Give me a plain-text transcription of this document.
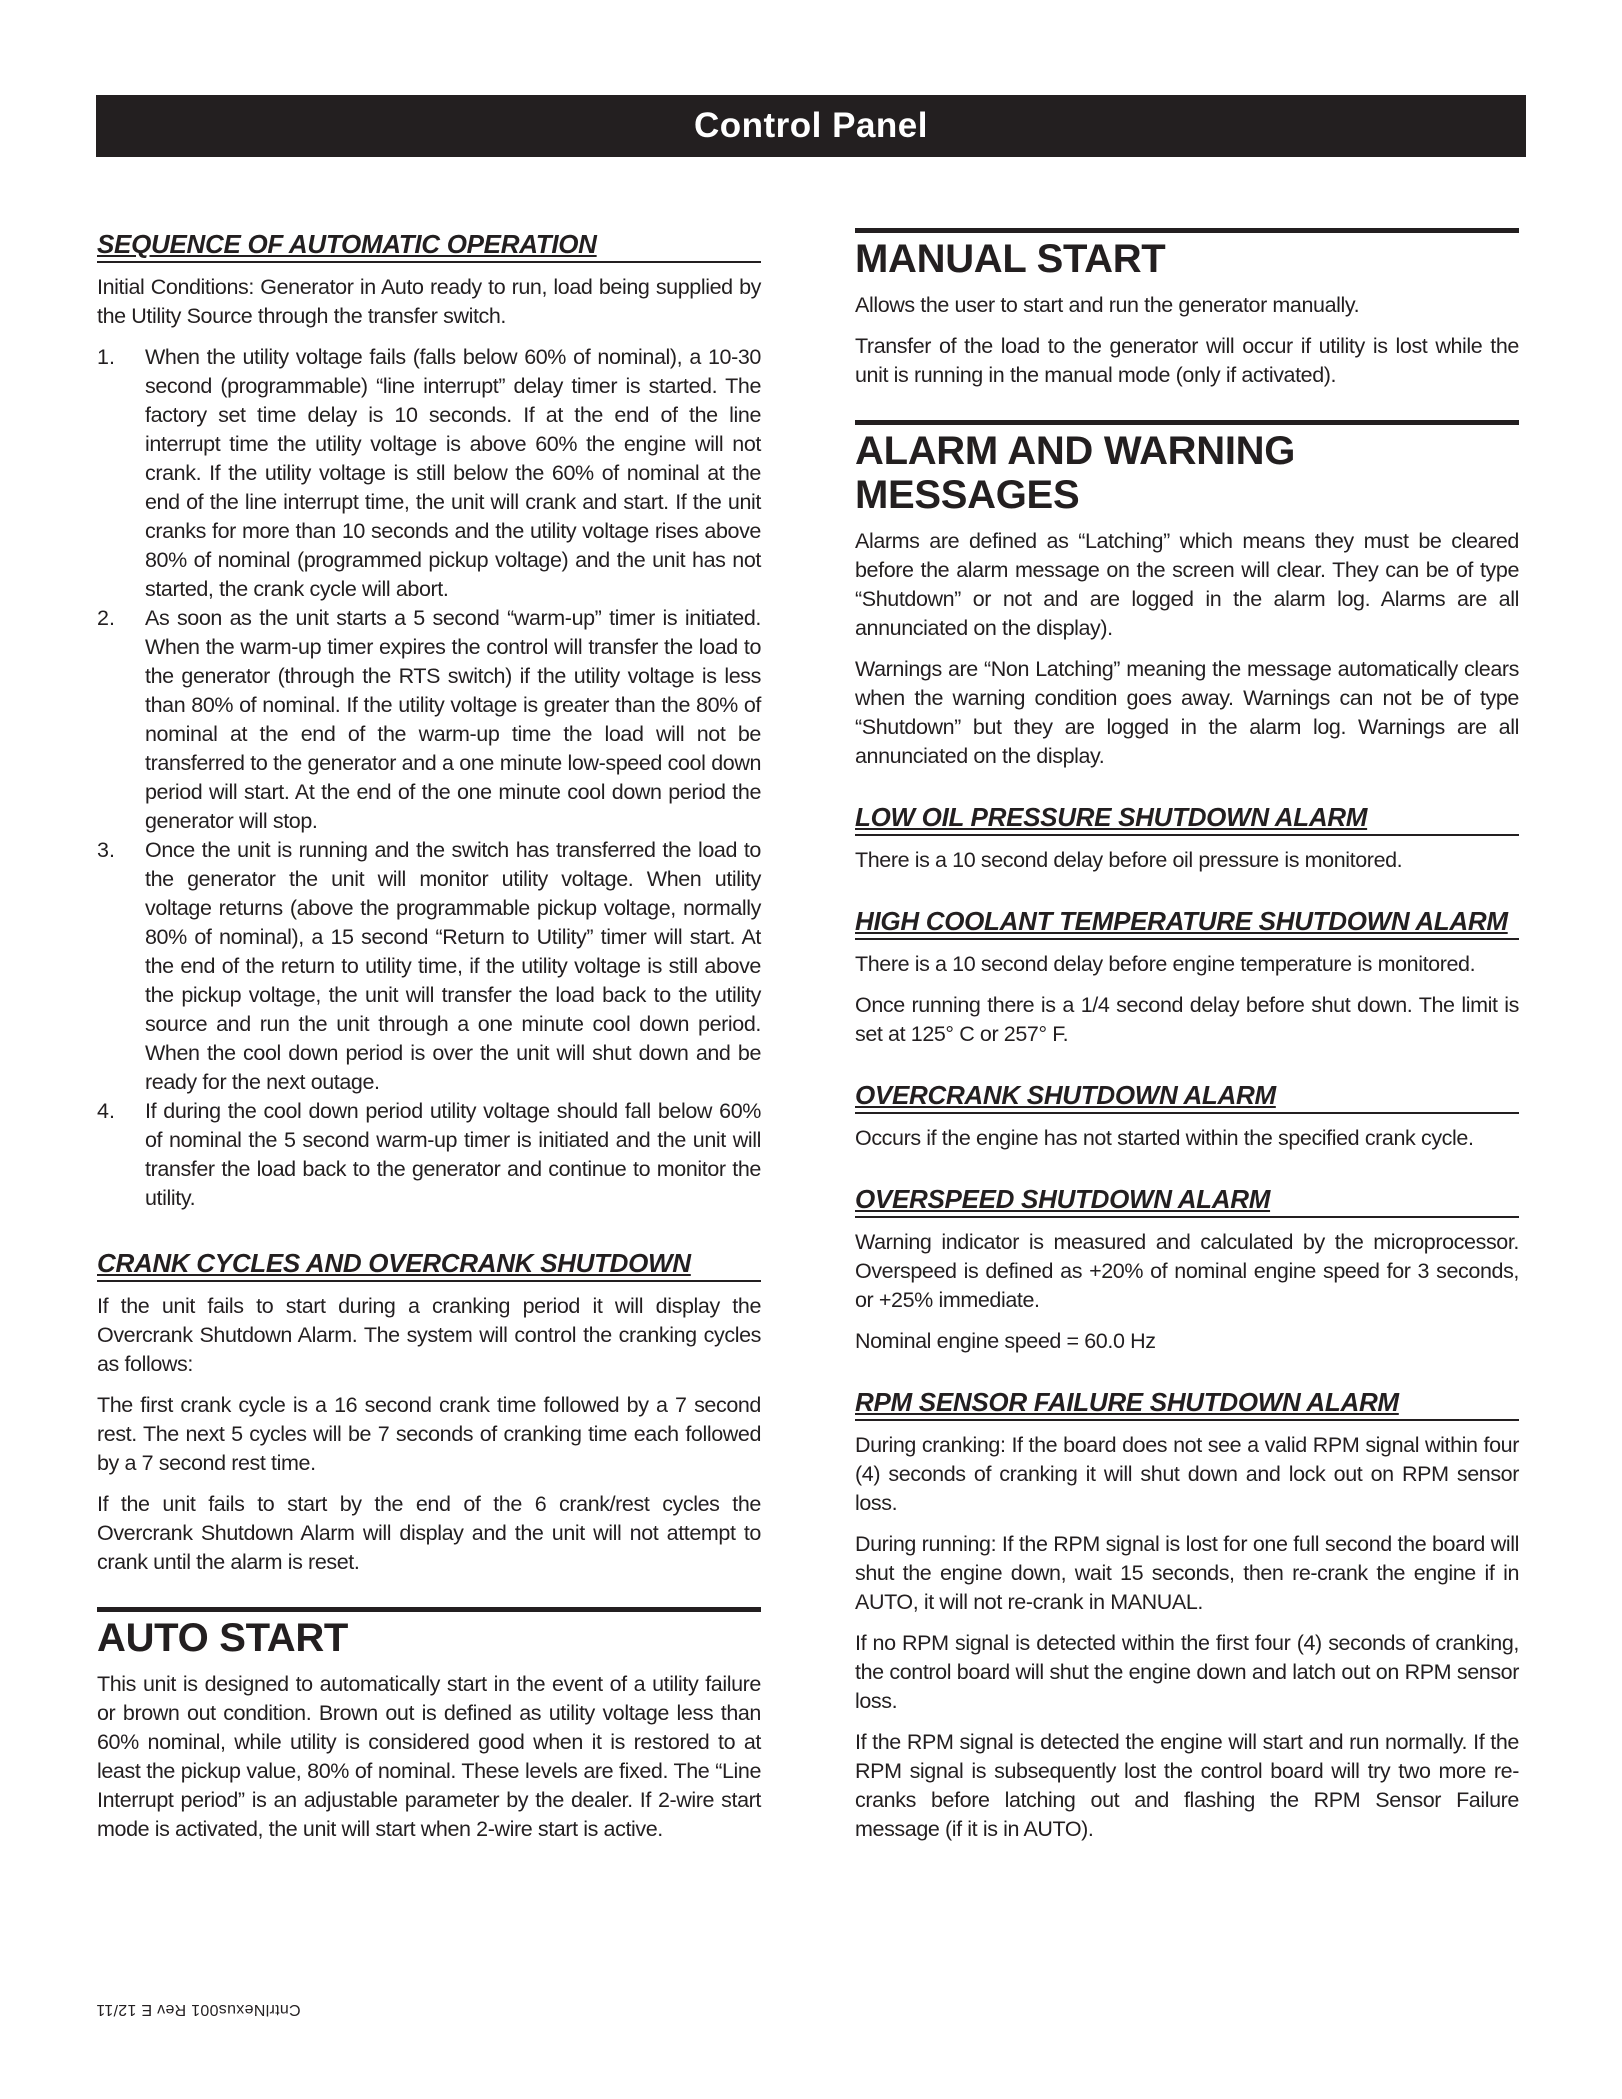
Control Panel
SEQUENCE OF AUTOMATIC OPERATION

Initial Conditions: Generator in Auto ready to run, load being supplied by the Utility Source through the transfer switch.

1.	When the utility voltage fails (falls below 60% of nominal), a 10-30 second (programmable) “line interrupt” delay timer is started. The factory set time delay is 10 seconds. If at the end of the line interrupt time the utility voltage is above 60% the engine will not crank. If the utility voltage is still below the 60% of nominal at the end of the line interrupt time, the unit will crank and start. If the unit cranks for more than 10 seconds and the utility voltage rises above 80% of nominal (programmed pickup voltage) and the unit has not started, the crank cycle will abort.
2.	As soon as the unit starts a 5 second “warm-up” timer is initiated. When the warm-up timer expires the control will transfer the load to the generator (through the RTS switch) if the utility voltage is less than 80% of nominal. If the utility voltage is greater than the 80% of nominal at the end of the warm-up time the load will not be transferred to the generator and a one minute low-speed cool down period will start. At the end of the one minute cool down period the generator will stop.
3.	Once the unit is running and the switch has transferred the load to the generator the unit will monitor utility voltage. When utility voltage returns (above the programmable pickup voltage, normally 80% of nominal), a 15 second “Return to Utility” timer will start. At the end of the return to utility time, if the utility voltage is still above the pickup voltage, the unit will transfer the load back to the utility source and run the unit through a one minute cool down period. When the cool down period is over the unit will shut down and be ready for the next outage.
4.	If during the cool down period utility voltage should fall below 60% of nominal the 5 second warm-up timer is initiated and the unit will transfer the load back to the generator and continue to monitor the utility.
CRANK CYCLES AND OVERCRANK SHUTDOWN

If the unit fails to start during a cranking period it will display the Overcrank Shutdown Alarm. The system will control the cranking cycles as follows:

The first crank cycle is a 16 second crank time followed by a 7 second rest. The next 5 cycles will be 7 seconds of cranking time each followed by a 7 second rest time.

If the unit fails to start by the end of the 6 crank/rest cycles the Overcrank Shutdown Alarm will display and the unit will not attempt to crank until the alarm is reset.

AUTO START

This unit is designed to automatically start in the event of a utility failure or brown out condition. Brown out is defined as utility voltage less than 60% nominal, while utility is considered good when it is restored to at least the pickup value, 80% of nominal. These levels are fixed. The “Line Interrupt period” is an adjustable parameter by the dealer. If 2-wire start mode is activated, the unit will start when 2-wire start is active.

MANUAL START

Allows the user to start and run the generator manually.

Transfer of the load to the generator will occur if utility is lost while the unit is running in the manual mode (only if activated).

ALARM AND WARNING MESSAGES

Alarms are defined as “Latching” which means they must be cleared before the alarm message on the screen will clear. They can be of type “Shutdown” or not and are logged in the alarm log. Alarms are all annunciated on the display).

Warnings are “Non Latching” meaning the message automatically clears when the warning condition goes away. Warnings can not be of type “Shutdown” but they are logged in the alarm log. Warnings are all annunciated on the display.

LOW OIL PRESSURE SHUTDOWN ALARM

There is a 10 second delay before oil pressure is monitored.

HIGH COOLANT TEMPERATURE SHUTDOWN ALARM

There is a 10 second delay before engine temperature is monitored.

Once running there is a 1/4 second delay before shut down. The limit is set at 125° C or 257° F.

OVERCRANK SHUTDOWN ALARM

Occurs if the engine has not started within the specified crank cycle.

OVERSPEED SHUTDOWN ALARM

Warning indicator is measured and calculated by the microprocessor. Overspeed is defined as +20% of nominal engine speed for 3 seconds, or +25% immediate.

Nominal engine speed = 60.0 Hz

RPM SENSOR FAILURE SHUTDOWN ALARM

During cranking: If the board does not see a valid RPM signal within four (4) seconds of cranking it will shut down and lock out on RPM sensor loss.

During running: If the RPM signal is lost for one full second the board will shut the engine down, wait 15 seconds, then re-crank the engine if in AUTO, it will not re-crank in MANUAL.

If no RPM signal is detected within the first four (4) seconds of cranking, the control board will shut the engine down and latch out on RPM sensor loss.

If the RPM signal is detected the engine will start and run normally. If the RPM signal is subsequently lost the control board will try two more re-cranks before latching out and flashing the RPM Sensor Failure message (if it is in AUTO).

CntrlNexus001 Rev E 12/11
